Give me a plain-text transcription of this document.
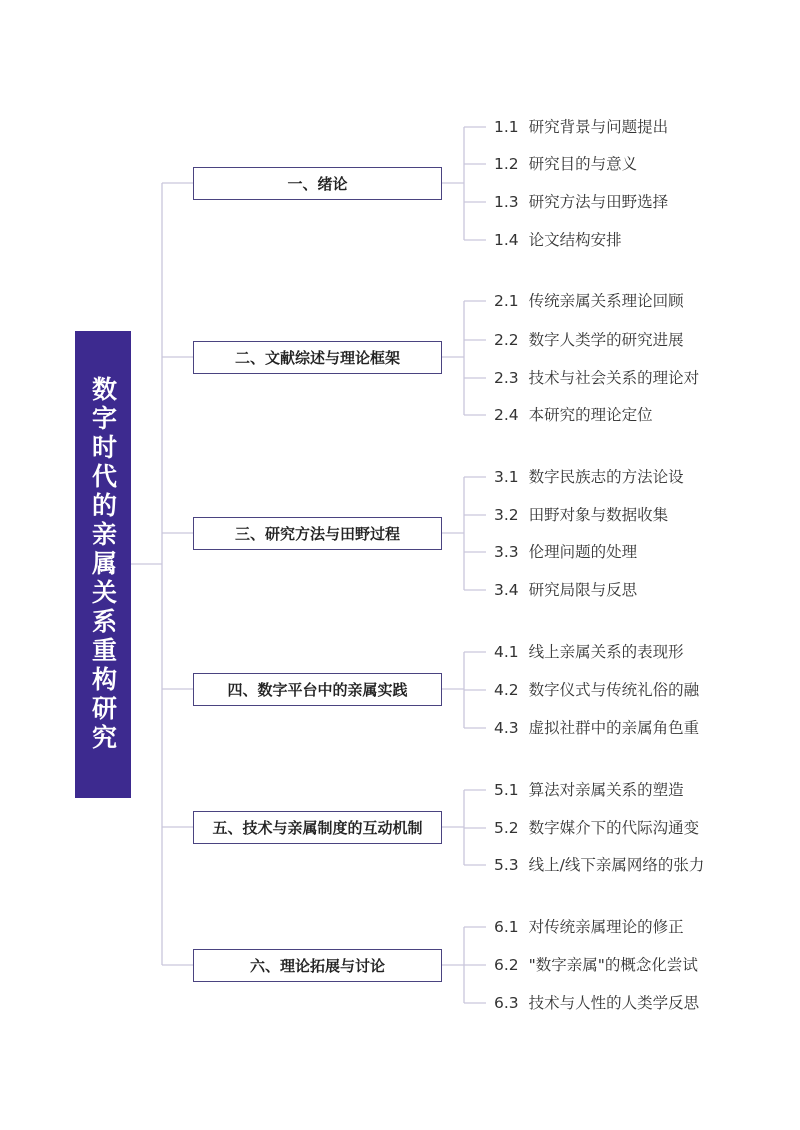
数字时代的亲属关系重构研究
一、绪论
二、文献综述与理论框架
三、研究方法与田野过程
四、数字平台中的亲属实践
五、技术与亲属制度的互动机制
六、理论拓展与讨论
1.1 研究背景与问题提出
1.2 研究目的与意义
1.3 研究方法与田野选择
1.4 论文结构安排
2.1 传统亲属关系理论回顾
2.2 数字人类学的研究进展
2.3 技术与社会关系的理论对
2.4 本研究的理论定位
3.1 数字民族志的方法论设
3.2 田野对象与数据收集
3.3 伦理问题的处理
3.4 研究局限与反思
4.1 线上亲属关系的表现形
4.2 数字仪式与传统礼俗的融
4.3 虚拟社群中的亲属角色重
5.1 算法对亲属关系的塑造
5.2 数字媒介下的代际沟通变
5.3 线上/线下亲属网络的张力
6.1 对传统亲属理论的修正
6.2 "数字亲属"的概念化尝试
6.3 技术与人性的人类学反思
